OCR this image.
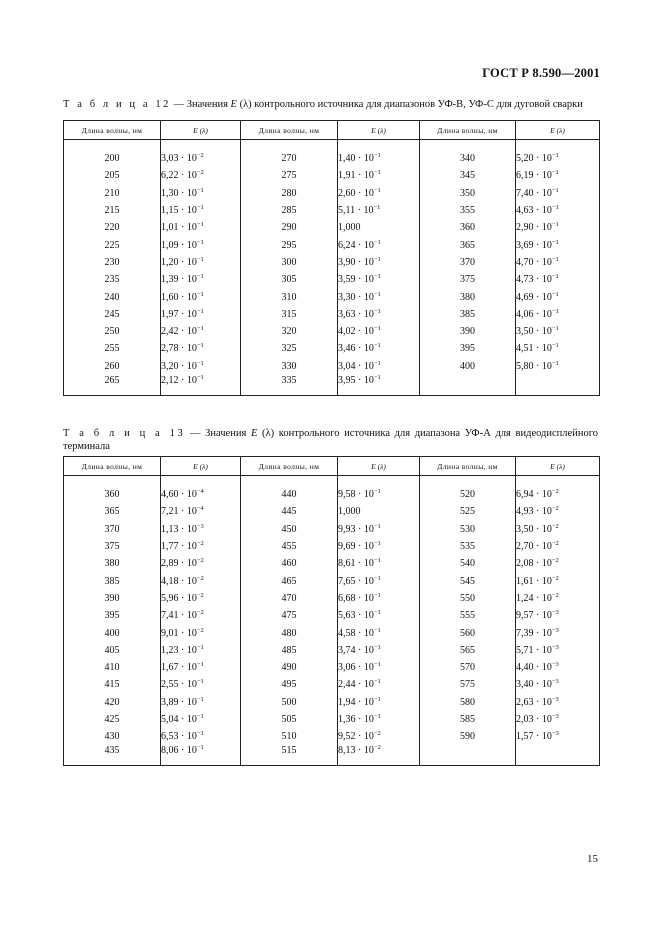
ГОСТ Р 8.590—2001
Т а б л и ц а 12 — Значения E (λ) контрольного источника для диапазонов УФ-В, УФ-С для дуговой сварки
Длина волны, нм	E (λ)	Длина волны, нм	E (λ)	Длина волны, нм	E (λ)

200	$3,03 \cdot 10^{-2}$	270	$1,40 \cdot 10^{-1}$	340	$5,20 \cdot 10^{-1}$
205	$6,22 \cdot 10^{-2}$	275	$1,91 \cdot 10^{-1}$	345	$6,19 \cdot 10^{-1}$
210	$1,30 \cdot 10^{-1}$	280	$2,60 \cdot 10^{-1}$	350	$7,40 \cdot 10^{-1}$
215	$1,15 \cdot 10^{-1}$	285	$5,11 \cdot 10^{-1}$	355	$4,63 \cdot 10^{-1}$
220	$1,01 \cdot 10^{-1}$	290	1,000	360	$2,90 \cdot 10^{-1}$
225	$1,09 \cdot 10^{-1}$	295	$6,24 \cdot 10^{-1}$	365	$3,69 \cdot 10^{-1}$
230	$1,20 \cdot 10^{-1}$	300	$3,90 \cdot 10^{-1}$	370	$4,70 \cdot 10^{-1}$
235	$1,39 \cdot 10^{-1}$	305	$3,59 \cdot 10^{-1}$	375	$4,73 \cdot 10^{-1}$
240	$1,60 \cdot 10^{-1}$	310	$3,30 \cdot 10^{-1}$	380	$4,69 \cdot 10^{-1}$
245	$1,97 \cdot 10^{-1}$	315	$3,63 \cdot 10^{-1}$	385	$4,06 \cdot 10^{-1}$
250	$2,42 \cdot 10^{-1}$	320	$4,02 \cdot 10^{-1}$	390	$3,50 \cdot 10^{-1}$
255	$2,78 \cdot 10^{-1}$	325	$3,46 \cdot 10^{-1}$	395	$4,51 \cdot 10^{-1}$
260	$3,20 \cdot 10^{-1}$	330	$3,04 \cdot 10^{-1}$	400	$5,80 \cdot 10^{-1}$
265	$2,12 \cdot 10^{-1}$	335	$3,95 \cdot 10^{-1}$		
Т а б л и ц а 13 — Значения E (λ) контрольного источника для диапазона УФ-А для видеодисплейного терминала
Длина волны, нм	E (λ)	Длина волны, нм	E (λ)	Длина волны, нм	E (λ)

360	$4,60 \cdot 10^{-4}$	440	$9,58 \cdot 10^{-1}$	520	$6,94 \cdot 10^{-2}$
365	$7,21 \cdot 10^{-4}$	445	1,000	525	$4,93 \cdot 10^{-2}$
370	$1,13 \cdot 10^{-3}$	450	$9,93 \cdot 10^{-1}$	530	$3,50 \cdot 10^{-2}$
375	$1,77 \cdot 10^{-2}$	455	$9,69 \cdot 10^{-1}$	535	$2,70 \cdot 10^{-2}$
380	$2,89 \cdot 10^{-2}$	460	$8,61 \cdot 10^{-1}$	540	$2,08 \cdot 10^{-2}$
385	$4,18 \cdot 10^{-2}$	465	$7,65 \cdot 10^{-1}$	545	$1,61 \cdot 10^{-2}$
390	$5,96 \cdot 10^{-2}$	470	$6,68 \cdot 10^{-1}$	550	$1,24 \cdot 10^{-2}$
395	$7,41 \cdot 10^{-2}$	475	$5,63 \cdot 10^{-1}$	555	$9,57 \cdot 10^{-3}$
400	$9,01 \cdot 10^{-2}$	480	$4,58 \cdot 10^{-1}$	560	$7,39 \cdot 10^{-3}$
405	$1,23 \cdot 10^{-1}$	485	$3,74 \cdot 10^{-1}$	565	$5,71 \cdot 10^{-3}$
410	$1,67 \cdot 10^{-1}$	490	$3,06 \cdot 10^{-1}$	570	$4,40 \cdot 10^{-3}$
415	$2,55 \cdot 10^{-1}$	495	$2,44 \cdot 10^{-1}$	575	$3,40 \cdot 10^{-3}$
420	$3,89 \cdot 10^{-1}$	500	$1,94 \cdot 10^{-1}$	580	$2,63 \cdot 10^{-3}$
425	$5,04 \cdot 10^{-1}$	505	$1,36 \cdot 10^{-1}$	585	$2,03 \cdot 10^{-3}$
430	$6,53 \cdot 10^{-1}$	510	$9,52 \cdot 10^{-2}$	590	$1,57 \cdot 10^{-3}$
435	$8,06 \cdot 10^{-1}$	515	$8,13 \cdot 10^{-2}$		
15
